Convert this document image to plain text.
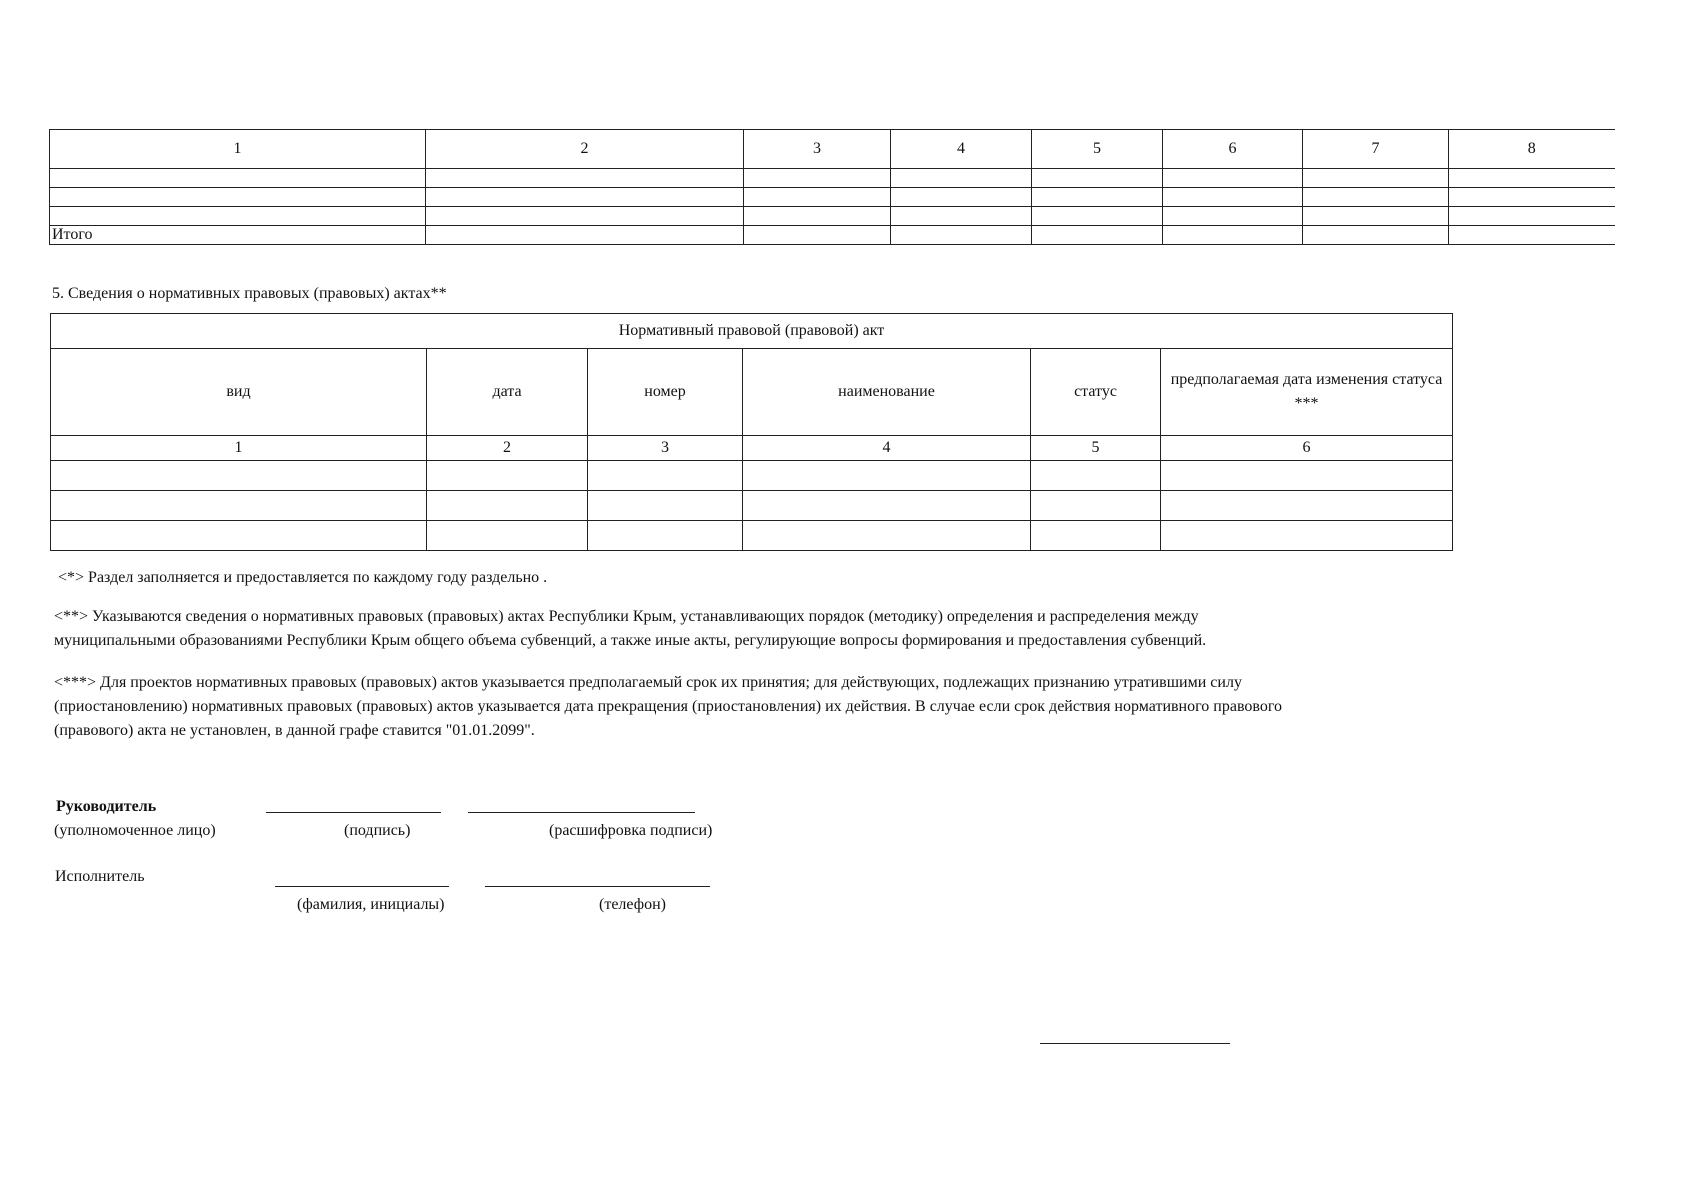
1	2	3	4	5	6	7	8

Итого							
5. Сведения о нормативных правовых (правовых) актах**
Нормативный правовой (правовой) акт					
вид	дата	номер	наименование	статус	предполагаемая дата изменения статуса ***
1	2	3	4	5	6

<*> Раздел заполняется и предоставляется по каждому году раздельно .
<**> Указываются сведения о нормативных правовых (правовых) актах Республики Крым, устанавливающих порядок (методику) определения и распределения между
муниципальными образованиями Республики Крым общего объема субвенций, а также иные акты, регулирующие вопросы формирования и предоставления субвенций.
<***> Для проектов нормативных правовых (правовых) актов указывается предполагаемый срок их принятия; для действующих, подлежащих признанию утратившими силу
(приостановлению) нормативных правовых (правовых) актов указывается дата прекращения (приостановления) их действия. В случае если срок действия нормативного правового
(правового) акта не установлен, в данной графе ставится "01.01.2099".
Руководитель
(уполномоченное лицо)	(подпись)	(расшифровка подписи)
Исполнитель
(фамилия, инициалы)	(телефон)
